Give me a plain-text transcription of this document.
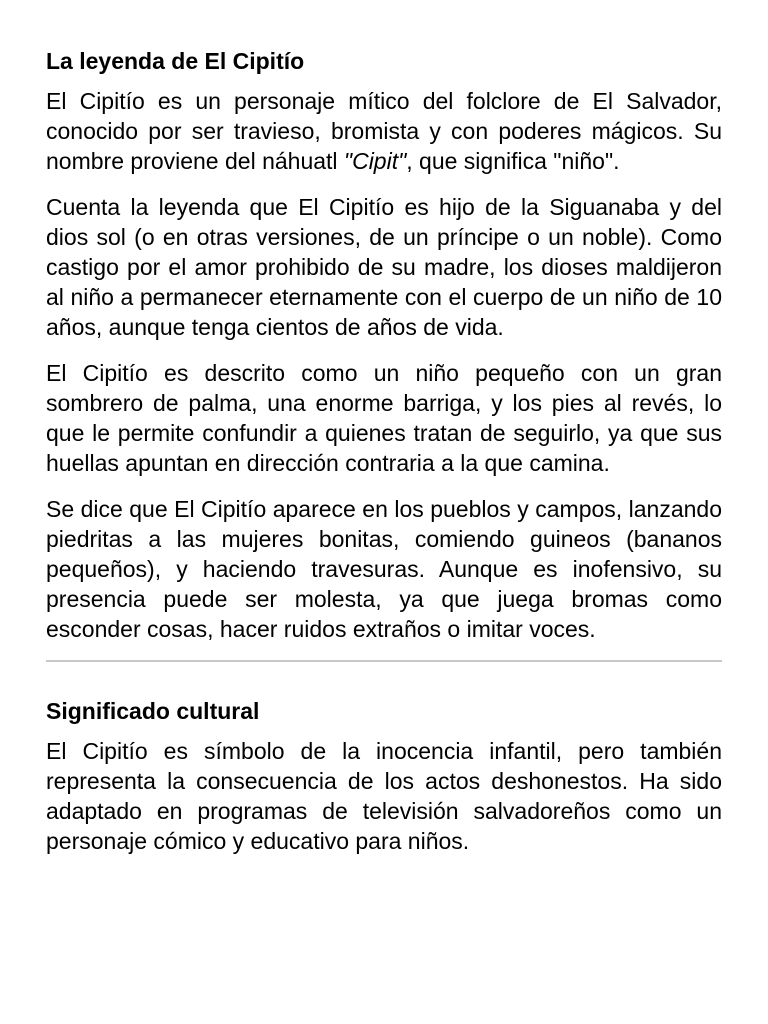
La leyenda de El Cipitío

El Cipitío es un personaje mítico del folclore de El Salvador, conocido por ser travieso, bromista y con poderes mágicos. Su nombre proviene del náhuatl "Cipit", que significa "niño".

Cuenta la leyenda que El Cipitío es hijo de la Siguanaba y del dios sol (o en otras versiones, de un príncipe o un noble). Como castigo por el amor prohibido de su madre, los dioses maldijeron al niño a permanecer eternamente con el cuerpo de un niño de 10 años, aunque tenga cientos de años de vida.

El Cipitío es descrito como un niño pequeño con un gran sombrero de palma, una enorme barriga, y los pies al revés, lo que le permite confundir a quienes tratan de seguirlo, ya que sus huellas apuntan en dirección contraria a la que camina.

Se dice que El Cipitío aparece en los pueblos y campos, lanzando piedritas a las mujeres bonitas, comiendo guineos (bananos pequeños), y haciendo travesuras. Aunque es inofensivo, su presencia puede ser molesta, ya que juega bromas como esconder cosas, hacer ruidos extraños o imitar voces.

Significado cultural

El Cipitío es símbolo de la inocencia infantil, pero también representa la consecuencia de los actos deshonestos. Ha sido adaptado en programas de televisión salvadoreños como un personaje cómico y educativo para niños.
